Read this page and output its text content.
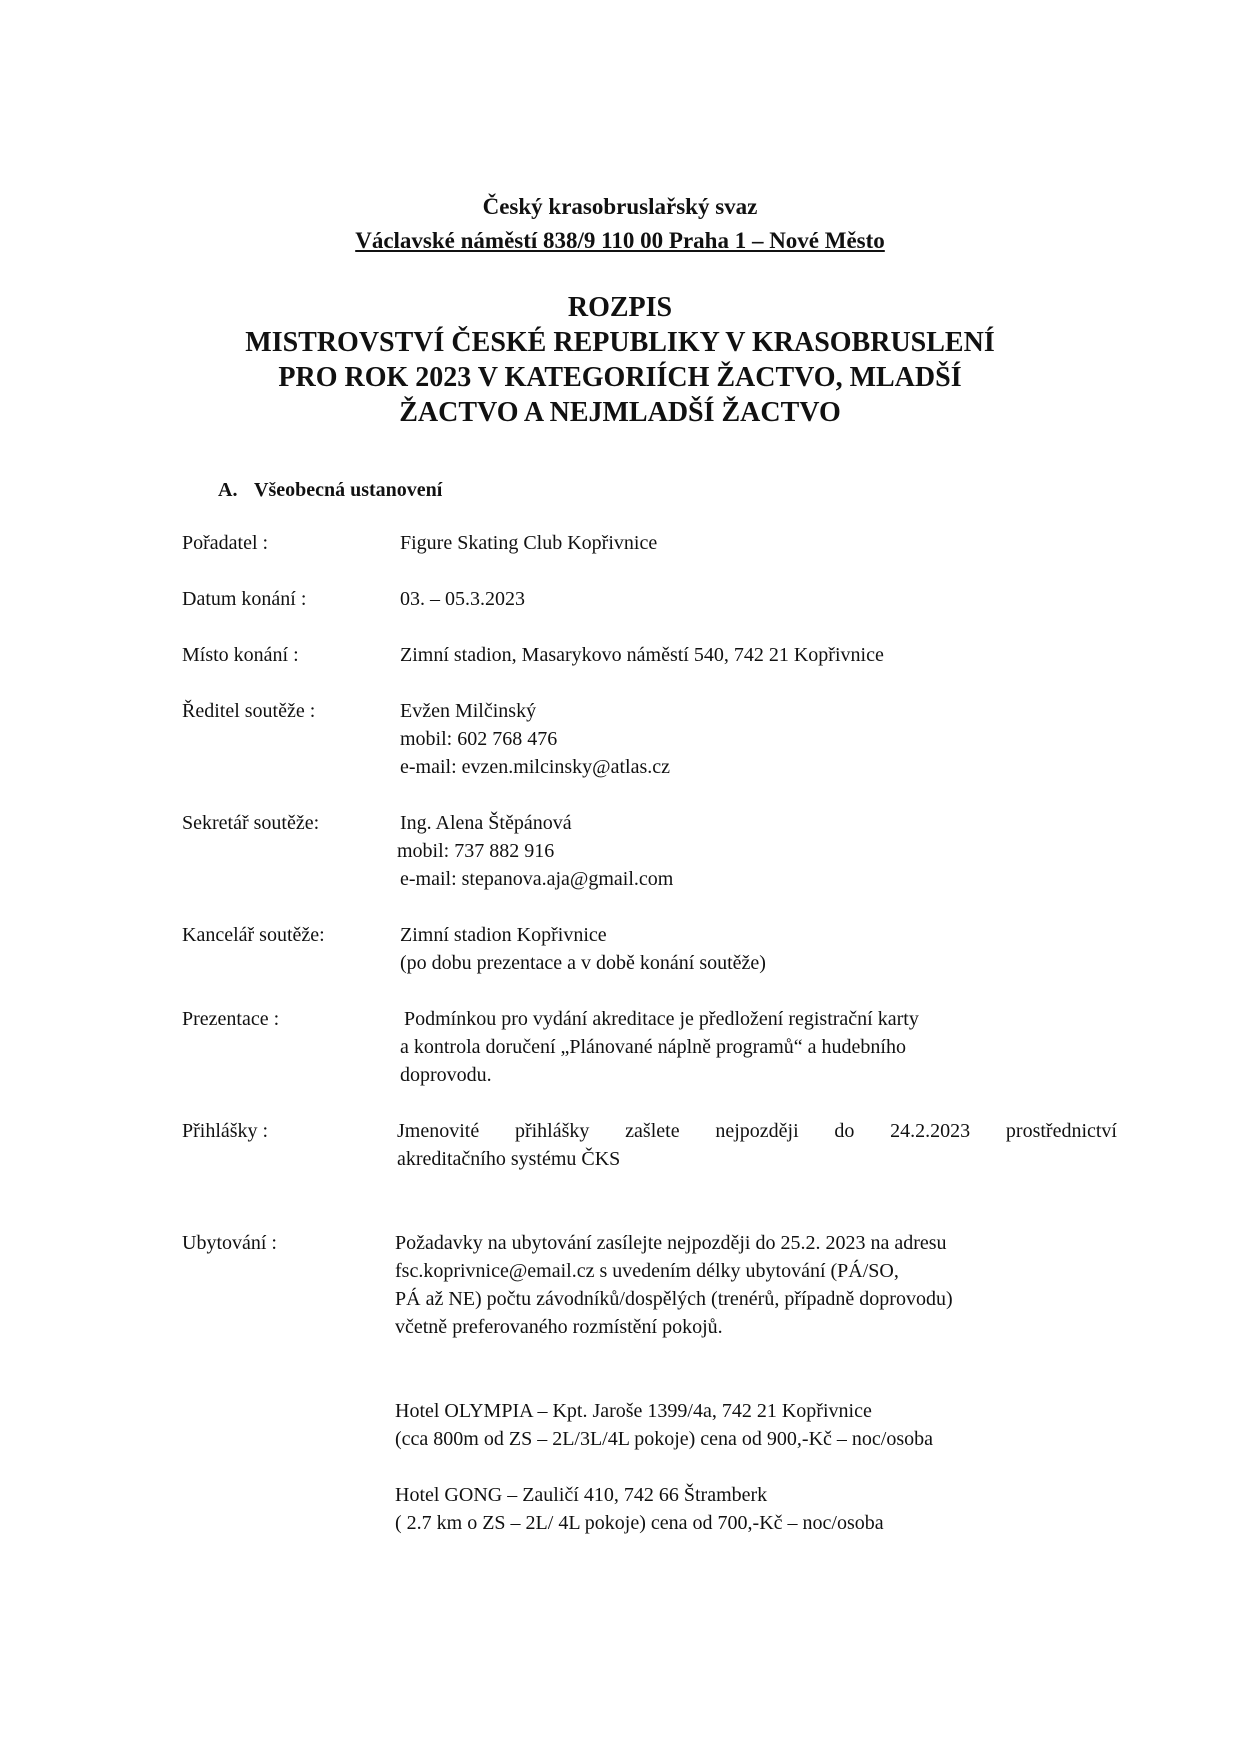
Český krasobruslařský svaz
Václavské náměstí 838/9 110 00 Praha 1 – Nové Město
ROZPIS
MISTROVSTVÍ ČESKÉ REPUBLIKY V KRASOBRUSLENÍ
PRO ROK 2023 V KATEGORIÍCH ŽACTVO, MLADŠÍ
ŽACTVO A NEJMLADŠÍ ŽACTVO
A. Všeobecná ustanovení
Pořadatel :	Figure Skating Club Kopřivnice
Datum konání :	03. – 05.3.2023
Místo konání :	Zimní stadion, Masarykovo náměstí 540, 742 21 Kopřivnice
Ředitel soutěže :	Evžen Milčinský
mobil: 602 768 476
e-mail: evzen.milcinsky@atlas.cz
Sekretář soutěže:	Ing. Alena Štěpánová
mobil: 737 882 916
e-mail: stepanova.aja@gmail.com
Kancelář soutěže:	Zimní stadion Kopřivnice
(po dobu prezentace a v době konání soutěže)
Prezentace :	Podmínkou pro vydání akreditace je předložení registrační karty
a kontrola doručení „Plánované náplně programů“ a hudebního
doprovodu.
Přihlášky :	Jmenovité přihlášky zašlete nejpozději do 24.2.2023 prostřednictví
akreditačního systému ČKS
Ubytování :	Požadavky na ubytování zasílejte nejpozději do 25.2. 2023 na adresu
fsc.koprivnice@email.cz s uvedením délky ubytování (PÁ/SO,
PÁ až NE) počtu závodníků/dospělých (trenérů, případně doprovodu)
včetně preferovaného rozmístění pokojů.
Hotel OLYMPIA – Kpt. Jaroše 1399/4a, 742 21 Kopřivnice
(cca 800m od ZS – 2L/3L/4L pokoje) cena od 900,-Kč – noc/osoba
Hotel GONG – Zauličí 410, 742 66 Štramberk
( 2.7 km o ZS – 2L/ 4L pokoje) cena od 700,-Kč – noc/osoba
